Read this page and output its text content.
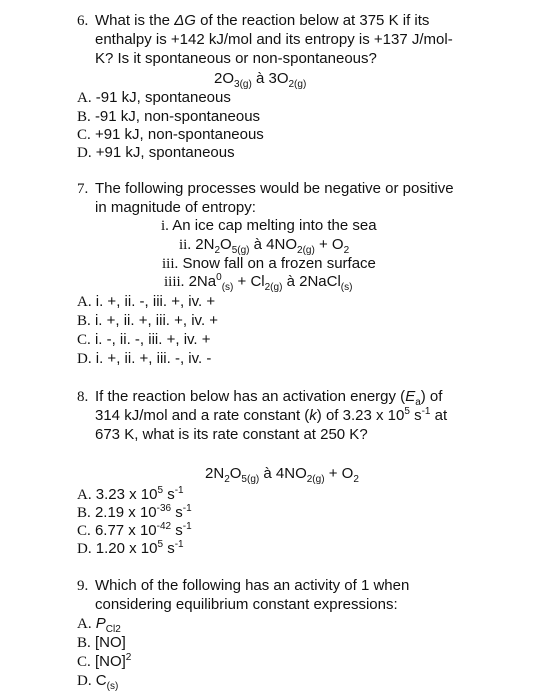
6. What is the ΔG of the reaction below at 375 K if its
enthalpy is +142 kJ/mol and its entropy is +137 J/mol-
K? Is it spontaneous or non-spontaneous?
$2O_{3(g)}$ à $3O_{2(g)}$
A. -91 kJ, spontaneous
B. -91 kJ, non-spontaneous
C. +91 kJ, non-spontaneous
D. +91 kJ, spontaneous
7. The following processes would be negative or positive
in magnitude of entropy:
i. An ice cap melting into the sea
ii. $2N_2O_{5(g)}$ à $4NO_{2(g)} + O_2$
iii. Snow fall on a frozen surface
iiii. $2Na^0_{(s)} + Cl_{2(g)}$ à 2NaCl$_{(s)}$
A. i. +, ii. -, iii. +, iv. +
B. i. +, ii. +, iii. +, iv. +
C. i. -, ii. -, iii. +, iv. +
D. i. +, ii. +, iii. -, iv. -
8. If the reaction below has an activation energy $(E_a)$ of
314 kJ/mol and a rate constant (k) of 3.23 x $10^5$ $s^{-1}$ at
673 K, what is its rate constant at 250 K?
$2N_2O_{5(g)}$ à $4NO_{2(g)} + O_2$
A. 3.23 x $10^5$ $s^{-1}$
B. 2.19 x $10^{-36}$ $s^{-1}$
C. 6.77 x $10^{-42}$ $s^{-1}$
D. 1.20 x $10^5$ $s^{-1}$
9. Which of the following has an activity of 1 when
considering equilibrium constant expressions:
A. $P_{Cl2}$
B. [NO]
C. [NO]$^2$
D. $C_{(s)}$
